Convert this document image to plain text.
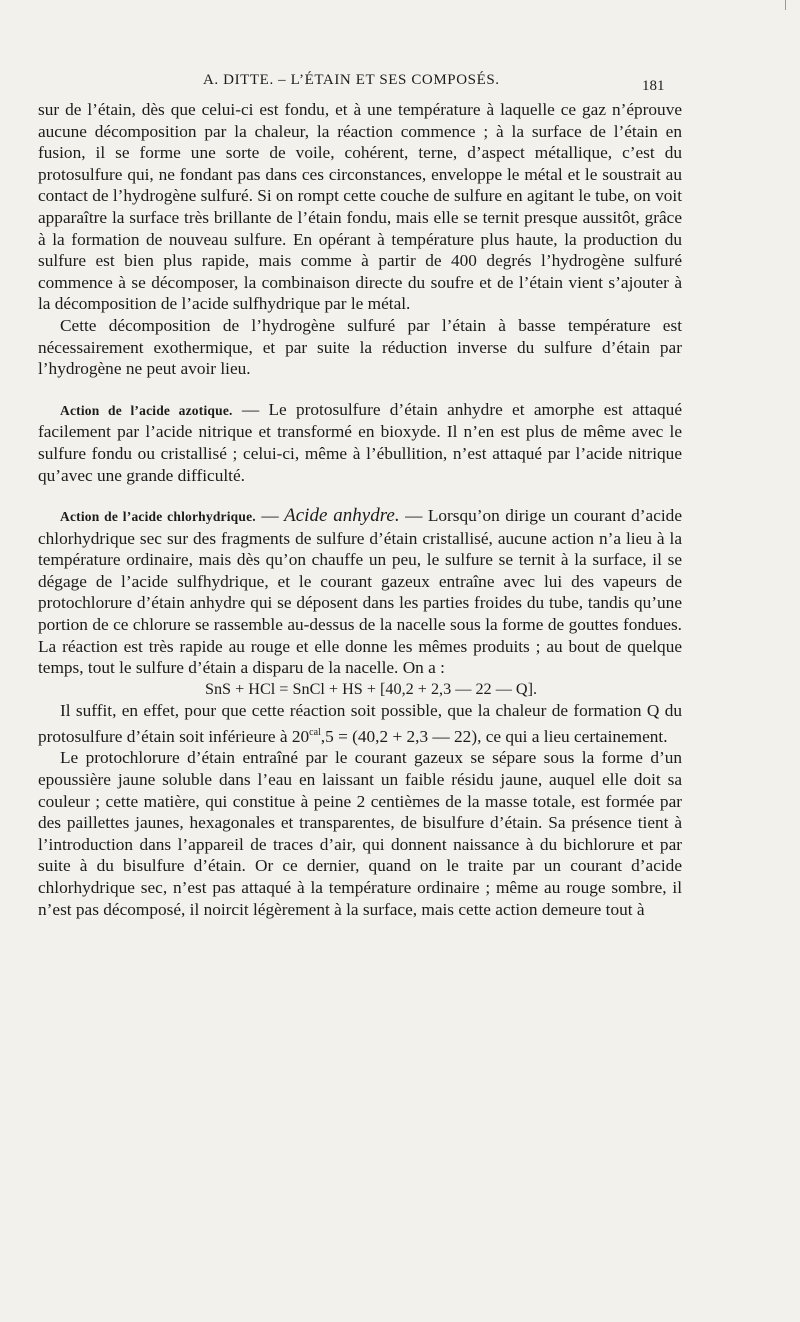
A. DITTE. – L’ÉTAIN ET SES COMPOSÉS.	181

sur de l’étain, dès que celui-ci est fondu, et à une température à laquelle ce gaz n’éprouve aucune décomposition par la chaleur, la réaction commence ; à la surface de l’étain en fusion, il se forme une sorte de voile, cohérent, terne, d’aspect métallique, c’est du protosulfure qui, ne fondant pas dans ces circonstances, enveloppe le métal et le soustrait au contact de l’hydrogène sulfuré. Si on rompt cette couche de sulfure en agitant le tube, on voit apparaître la surface très brillante de l’étain fondu, mais elle se ternit presque aussitôt, grâce à la formation de nouveau sulfure. En opérant à température plus haute, la production du sulfure est bien plus rapide, mais comme à partir de 400 degrés l’hydrogène sulfuré commence à se décomposer, la combinaison directe du soufre et de l’étain vient s’ajouter à la décomposition de l’acide sulfhydrique par le métal.

Cette décomposition de l’hydrogène sulfuré par l’étain à basse température est nécessairement exothermique, et par suite la réduction inverse du sulfure d’étain par l’hydrogène ne peut avoir lieu.

Action de l’acide azotique. — Le protosulfure d’étain anhydre et amorphe est attaqué facilement par l’acide nitrique et transformé en bioxyde. Il n’en est plus de même avec le sulfure fondu ou cristallisé ; celui-ci, même à l’ébullition, n’est attaqué par l’acide nitrique qu’avec une grande difficulté.

Action de l’acide chlorhydrique. — Acide anhydre. — Lorsqu’on dirige un courant d’acide chlorhydrique sec sur des fragments de sulfure d’étain cristallisé, aucune action n’a lieu à la température ordinaire, mais dès qu’on chauffe un peu, le sulfure se ternit à la surface, il se dégage de l’acide sulfhydrique, et le courant gazeux entraîne avec lui des vapeurs de protochlorure d’étain anhydre qui se déposent dans les parties froides du tube, tandis qu’une portion de ce chlorure se rassemble au-dessus de la nacelle sous la forme de gouttes fondues. La réaction est très rapide au rouge et elle donne les mêmes produits ; au bout de quelque temps, tout le sulfure d’étain a disparu de la nacelle. On a :

SnS + HCl = SnCl + HS + [40,2 + 2,3 — 22 — Q].

Il suffit, en effet, pour que cette réaction soit possible, que la chaleur de formation Q du protosulfure d’étain soit inférieure à $20^{cal},5 = (40,2 + 2,3$ — 22), ce qui a lieu certainement.

Le protochlorure d’étain entraîné par le courant gazeux se sépare sous la forme d’un epoussière jaune soluble dans l’eau en laissant un faible résidu jaune, auquel elle doit sa couleur ; cette matière, qui constitue à peine 2 centièmes de la masse totale, est formée par des paillettes jaunes, hexagonales et transparentes, de bisulfure d’étain. Sa présence tient à l’introduction dans l’appareil de traces d’air, qui donnent naissance à du bichlorure et par suite à du bisulfure d’étain. Or ce dernier, quand on le traite par un courant d’acide chlorhydrique sec, n’est pas attaqué à la température ordinaire ; même au rouge sombre, il n’est pas décomposé, il noircit légèrement à la surface, mais cette action demeure tout à
